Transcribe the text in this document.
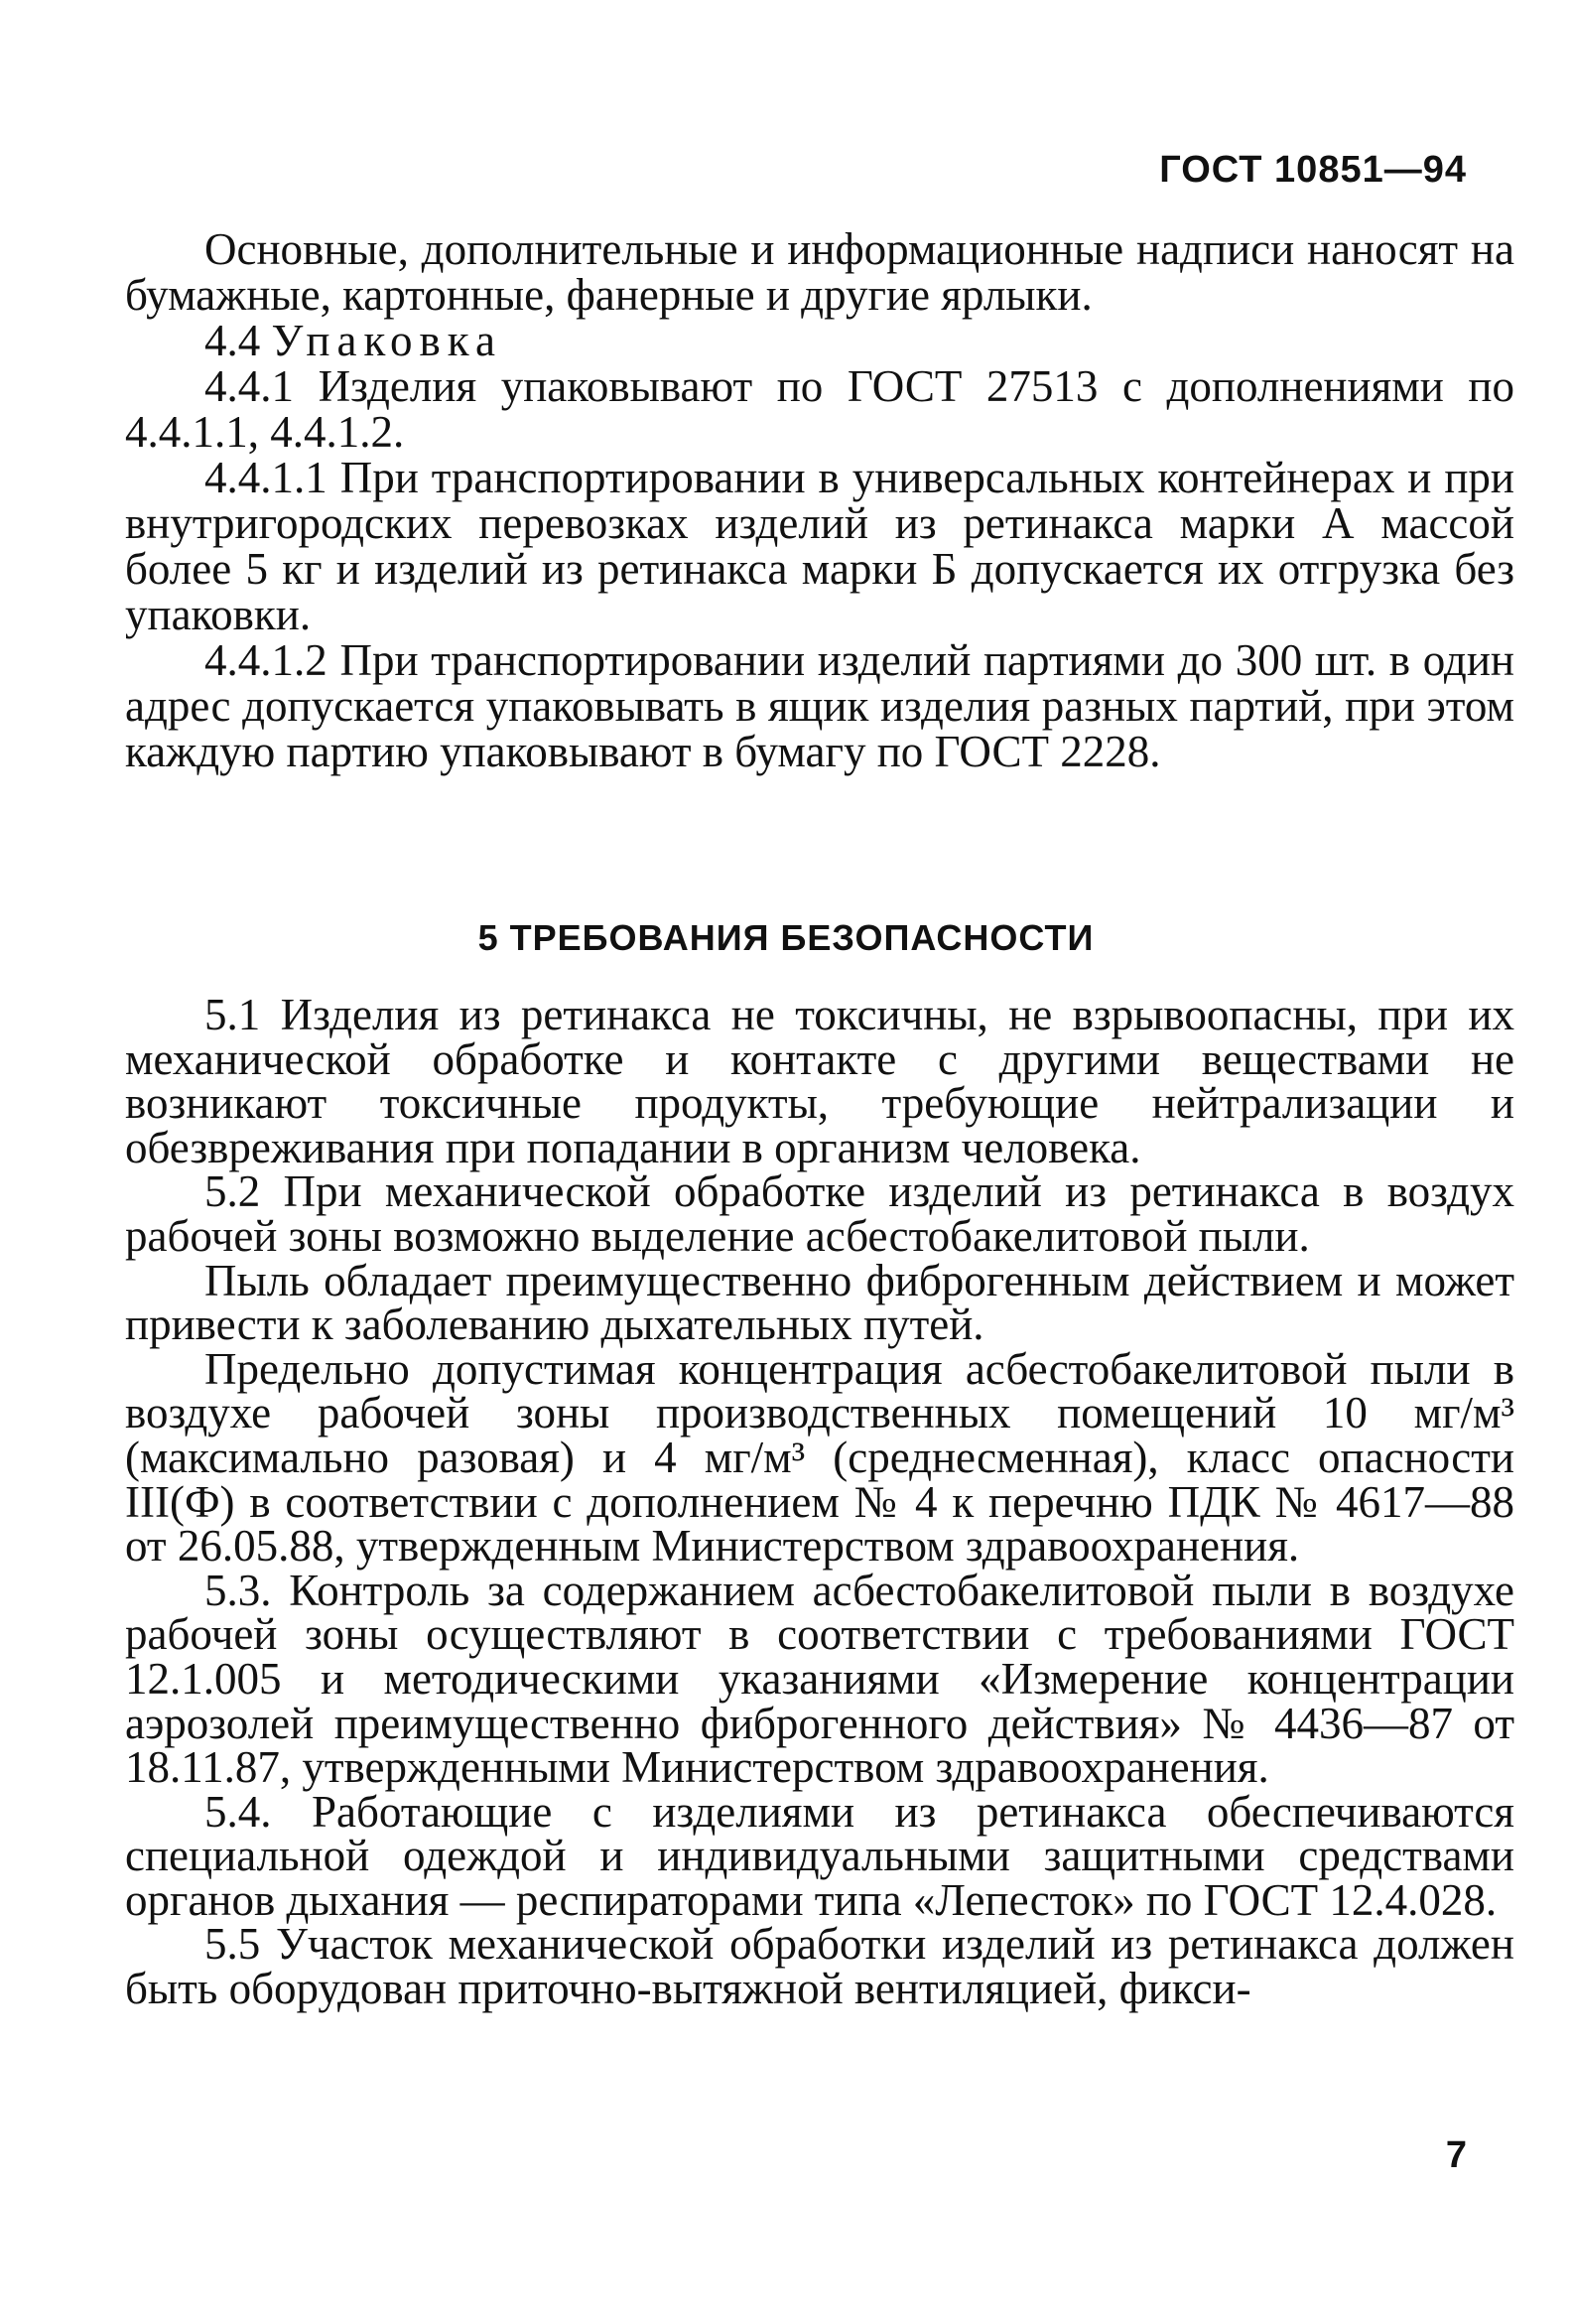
ГОСТ 10851—94

Основные, дополнительные и информационные надписи наносят на бумажные, картонные, фанерные и другие ярлыки.

4.4 Упаковка

4.4.1 Изделия упаковывают по ГОСТ 27513 с дополнениями по 4.4.1.1, 4.4.1.2.

4.4.1.1 При транспортировании в универсальных контейнерах и при внутригородских перевозках изделий из ретинакса марки А массой более 5 кг и изделий из ретинакса марки Б допускается их отгрузка без упаковки.

4.4.1.2 При транспортировании изделий партиями до 300 шт. в один адрес допускается упаковывать в ящик изделия разных партий, при этом каждую партию упаковывают в бумагу по ГОСТ 2228.

5 ТРЕБОВАНИЯ БЕЗОПАСНОСТИ

5.1 Изделия из ретинакса не токсичны, не взрывоопасны, при их механической обработке и контакте с другими веществами не возникают токсичные продукты, требующие нейтрализации и обезвреживания при попадании в организм человека.

5.2 При механической обработке изделий из ретинакса в воздух рабочей зоны возможно выделение асбестобакелитовой пыли.

Пыль обладает преимущественно фиброгенным действием и может привести к заболеванию дыхательных путей.

Предельно допустимая концентрация асбестобакелитовой пыли в воздухе рабочей зоны производственных помещений 10 мг/м³ (максимально разовая) и 4 мг/м³ (среднесменная), класс опасности III(Ф) в соответствии с дополнением № 4 к перечню ПДК № 4617—88 от 26.05.88, утвержденным Министерством здравоохранения.

5.3. Контроль за содержанием асбестобакелитовой пыли в воздухе рабочей зоны осуществляют в соответствии с требованиями ГОСТ 12.1.005 и методическими указаниями «Измерение концентрации аэрозолей преимущественно фиброгенного действия» № 4436—87 от 18.11.87, утвержденными Министерством здравоохранения.

5.4. Работающие с изделиями из ретинакса обеспечиваются специальной одеждой и индивидуальными защитными средствами органов дыхания — респираторами типа «Лепесток» по ГОСТ 12.4.028.

5.5 Участок механической обработки изделий из ретинакса должен быть оборудован приточно-вытяжной вентиляцией, фикси-

7
